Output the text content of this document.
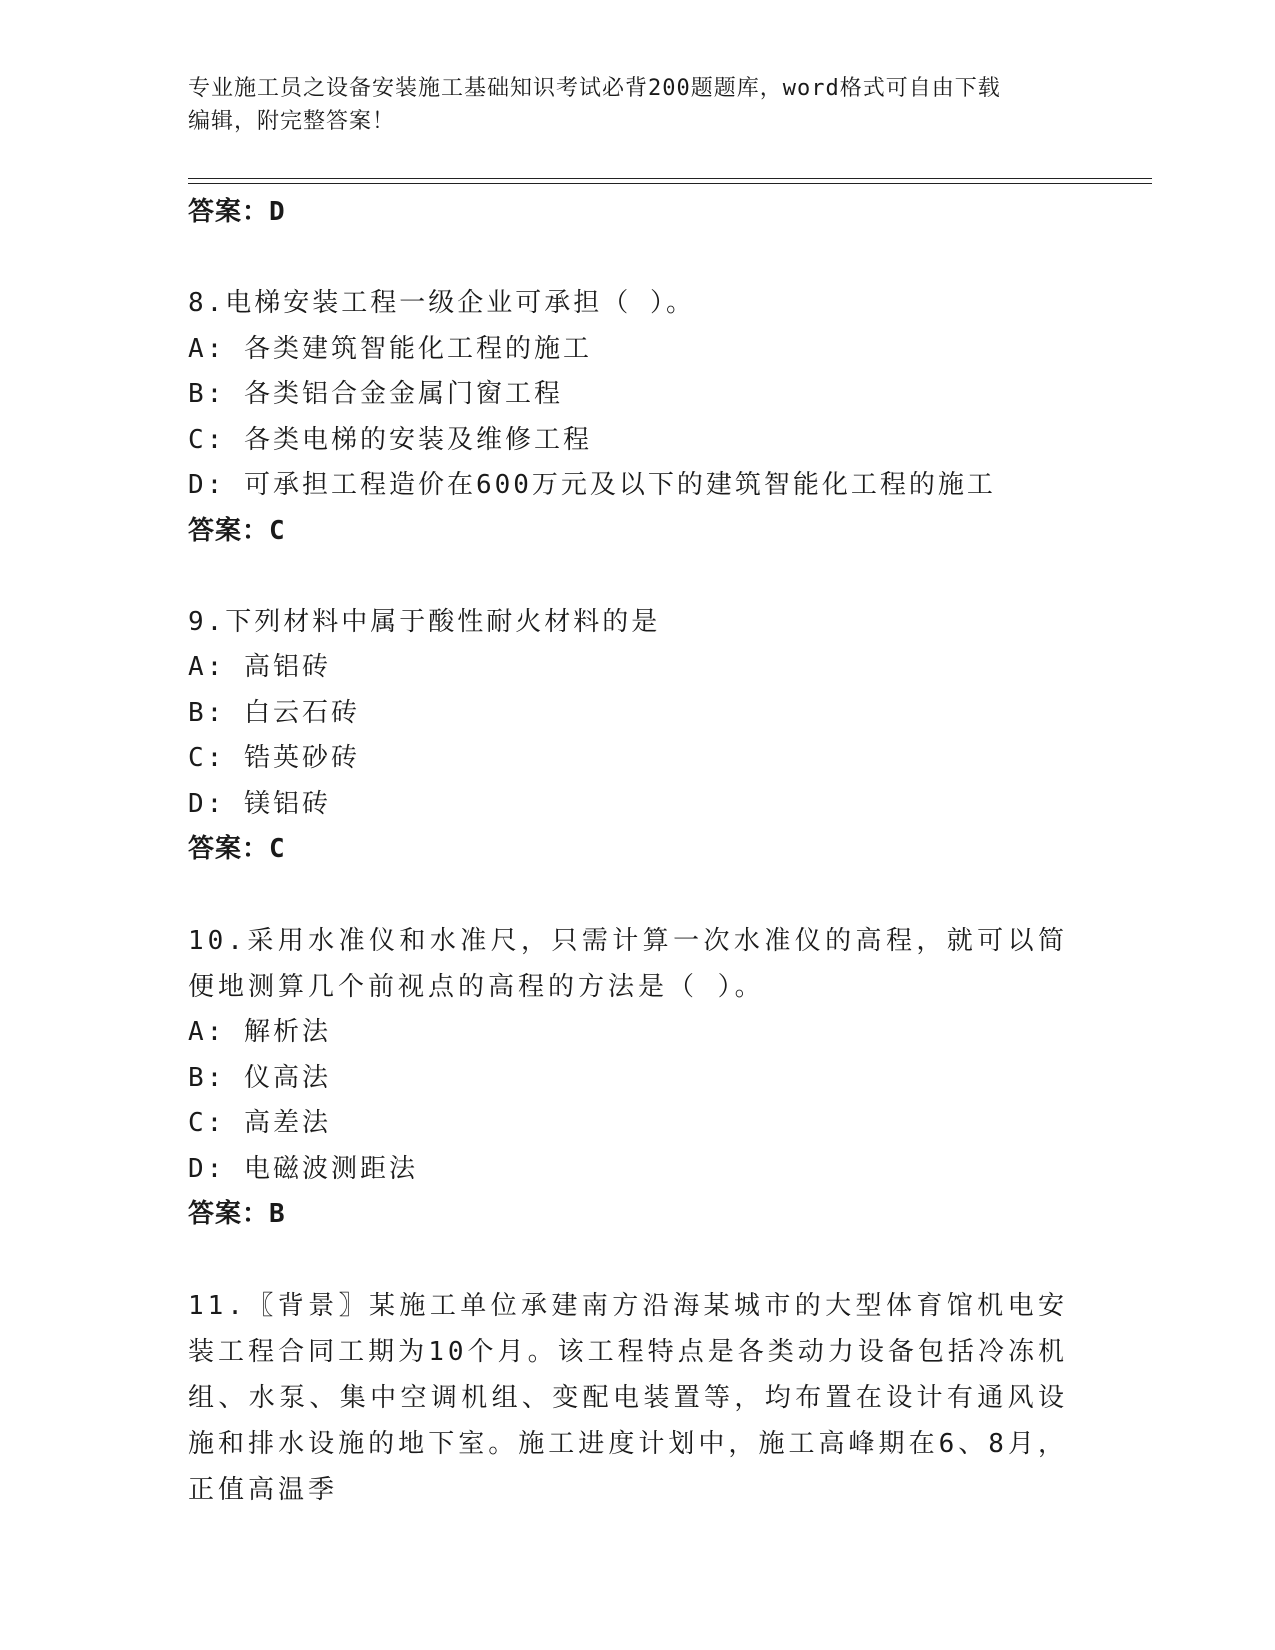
专业施工员之设备安装施工基础知识考试必背200题题库，word格式可自由下载
编辑，附完整答案！
答案：D
8.电梯安装工程一级企业可承担（ ）。
A: 各类建筑智能化工程的施工
B: 各类铝合金金属门窗工程
C: 各类电梯的安装及维修工程
D: 可承担工程造价在600万元及以下的建筑智能化工程的施工
答案：C
9.下列材料中属于酸性耐火材料的是
A: 高铝砖
B: 白云石砖
C: 锆英砂砖
D: 镁铝砖
答案：C
10.采用水准仪和水准尺，只需计算一次水准仪的高程，就可以简便地测算几个前视点的高程的方法是（ ）。
A: 解析法
B: 仪高法
C: 高差法
D: 电磁波测距法
答案：B
11.〖背景〗某施工单位承建南方沿海某城市的大型体育馆机电安装工程合同工期为10个月。该工程特点是各类动力设备包括冷冻机组、水泵、集中空调机组、变配电装置等，均布置在设计有通风设施和排水设施的地下室。施工进度计划中，施工高峰期在6、8月，正值高温季
